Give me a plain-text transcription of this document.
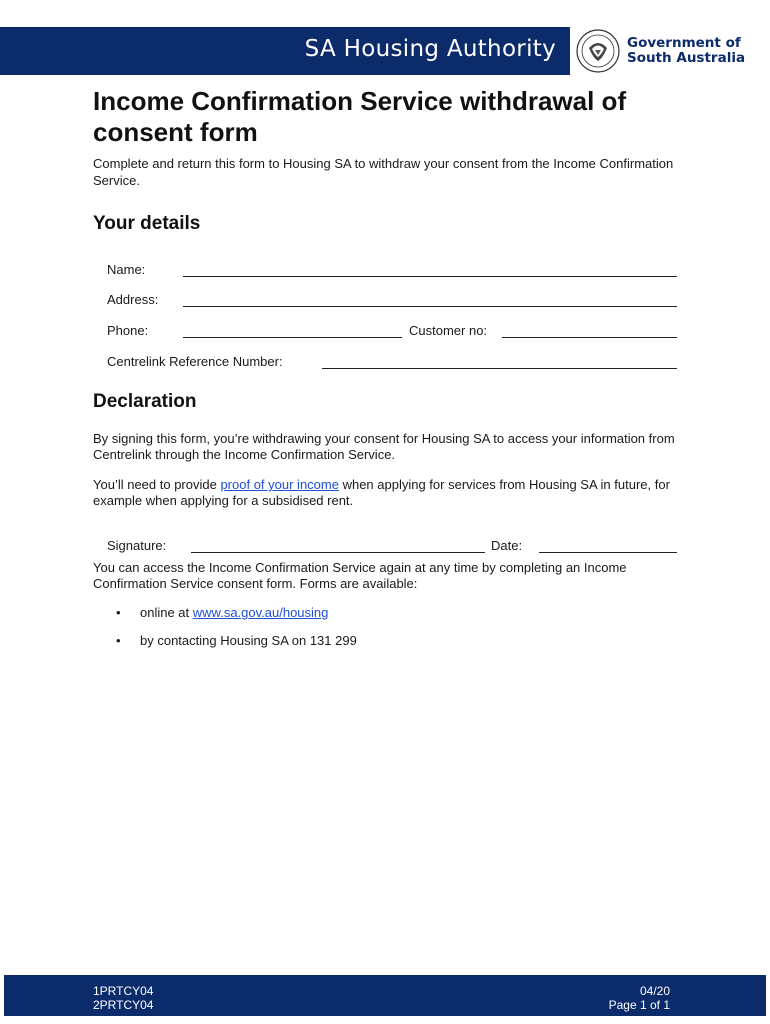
SA Housing Authority	Government of
South Australia
Income Confirmation Service withdrawal of consent form

Complete and return this form to Housing SA to withdraw your consent from the Income Confirmation Service.

Your details
Name:
Address:
Phone:	Customer no:
Centrelink Reference Number:
Declaration

By signing this form, you’re withdrawing your consent for Housing SA to access your information from Centrelink through the Income Confirmation Service.

You’ll need to provide proof of your income when applying for services from Housing SA in future, for example when applying for a subsidised rent.

Signature:	Date:

You can access the Income Confirmation Service again at any time by completing an Income Confirmation Service consent form. Forms are available:

• online at www.sa.gov.au/housing
• by contacting Housing SA on 131 299
1PRTCY04
2PRTCY04
04/20
Page 1 of 1
